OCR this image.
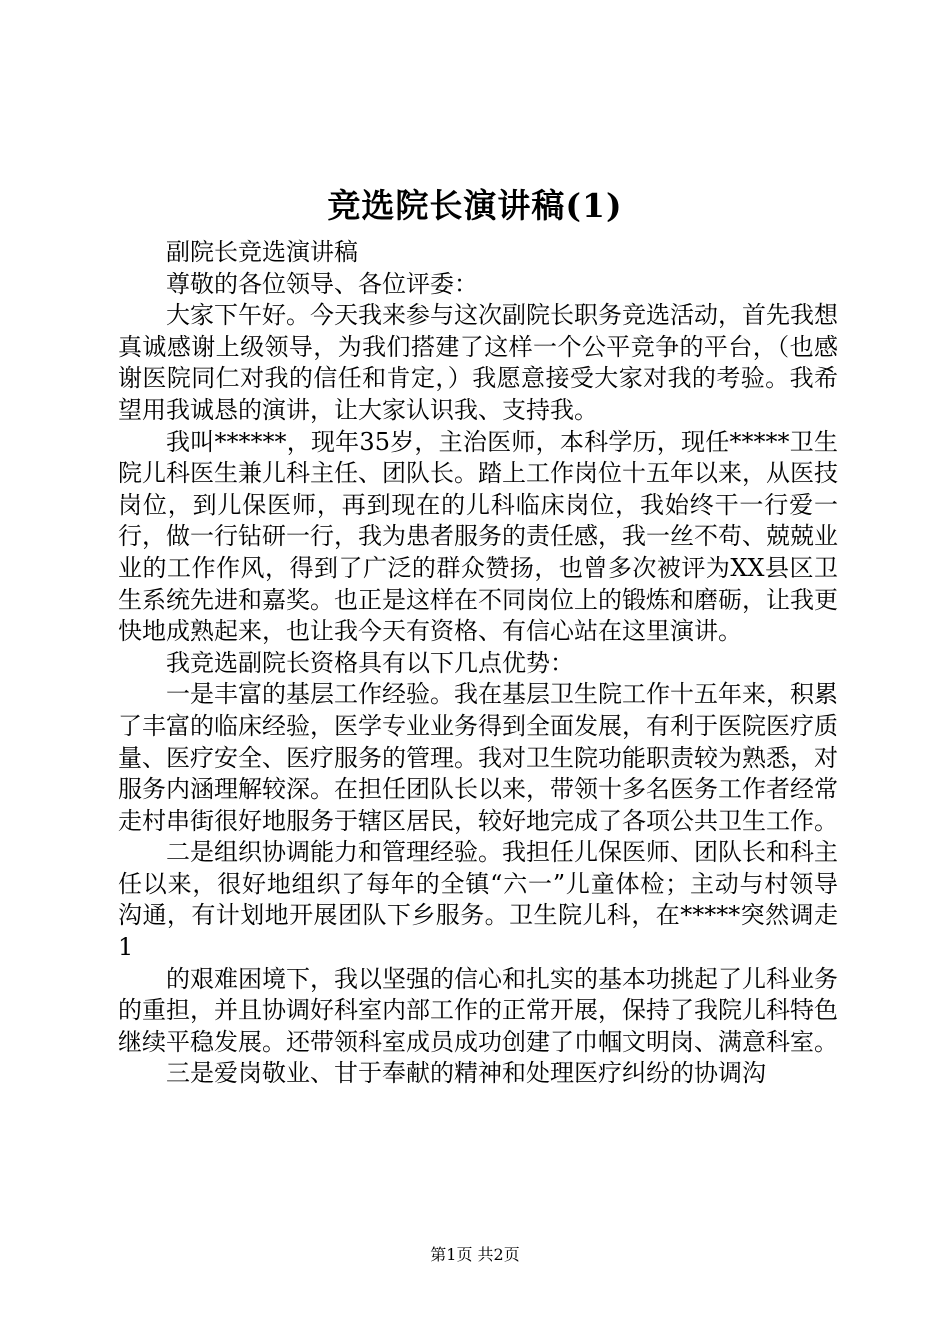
竞选院长演讲稿(1)

副院长竞选演讲稿

尊敬的各位领导、各位评委：

大家下午好。今天我来参与这次副院长职务竞选活动，首先我想真诚感谢上级领导，为我们搭建了这样一个公平竞争的平台，（也感谢医院同仁对我的信任和肯定，）我愿意接受大家对我的考验。我希望用我诚恳的演讲，让大家认识我、支持我。

我叫******，现年35岁，主治医师，本科学历，现任*****卫生院儿科医生兼儿科主任、团队长。踏上工作岗位十五年以来，从医技岗位，到儿保医师，再到现在的儿科临床岗位，我始终干一行爱一行，做一行钻研一行，我为患者服务的责任感，我一丝不苟、兢兢业业的工作作风，得到了广泛的群众赞扬，也曾多次被评为XX县区卫生系统先进和嘉奖。也正是这样在不同岗位上的锻炼和磨砺，让我更快地成熟起来，也让我今天有资格、有信心站在这里演讲。

我竞选副院长资格具有以下几点优势：

一是丰富的基层工作经验。我在基层卫生院工作十五年来，积累了丰富的临床经验，医学专业业务得到全面发展，有利于医院医疗质量、医疗安全、医疗服务的管理。我对卫生院功能职责较为熟悉，对服务内涵理解较深。在担任团队长以来，带领十多名医务工作者经常走村串街很好地服务于辖区居民，较好地完成了各项公共卫生工作。

二是组织协调能力和管理经验。我担任儿保医师、团队长和科主任以来，很好地组织了每年的全镇“六一”儿童体检；主动与村领导沟通，有计划地开展团队下乡服务。卫生院儿科，在*****突然调走1

的艰难困境下，我以坚强的信心和扎实的基本功挑起了儿科业务的重担，并且协调好科室内部工作的正常开展，保持了我院儿科特色继续平稳发展。还带领科室成员成功创建了巾帼文明岗、满意科室。

三是爱岗敬业、甘于奉献的精神和处理医疗纠纷的协调沟

第1页 共2页
